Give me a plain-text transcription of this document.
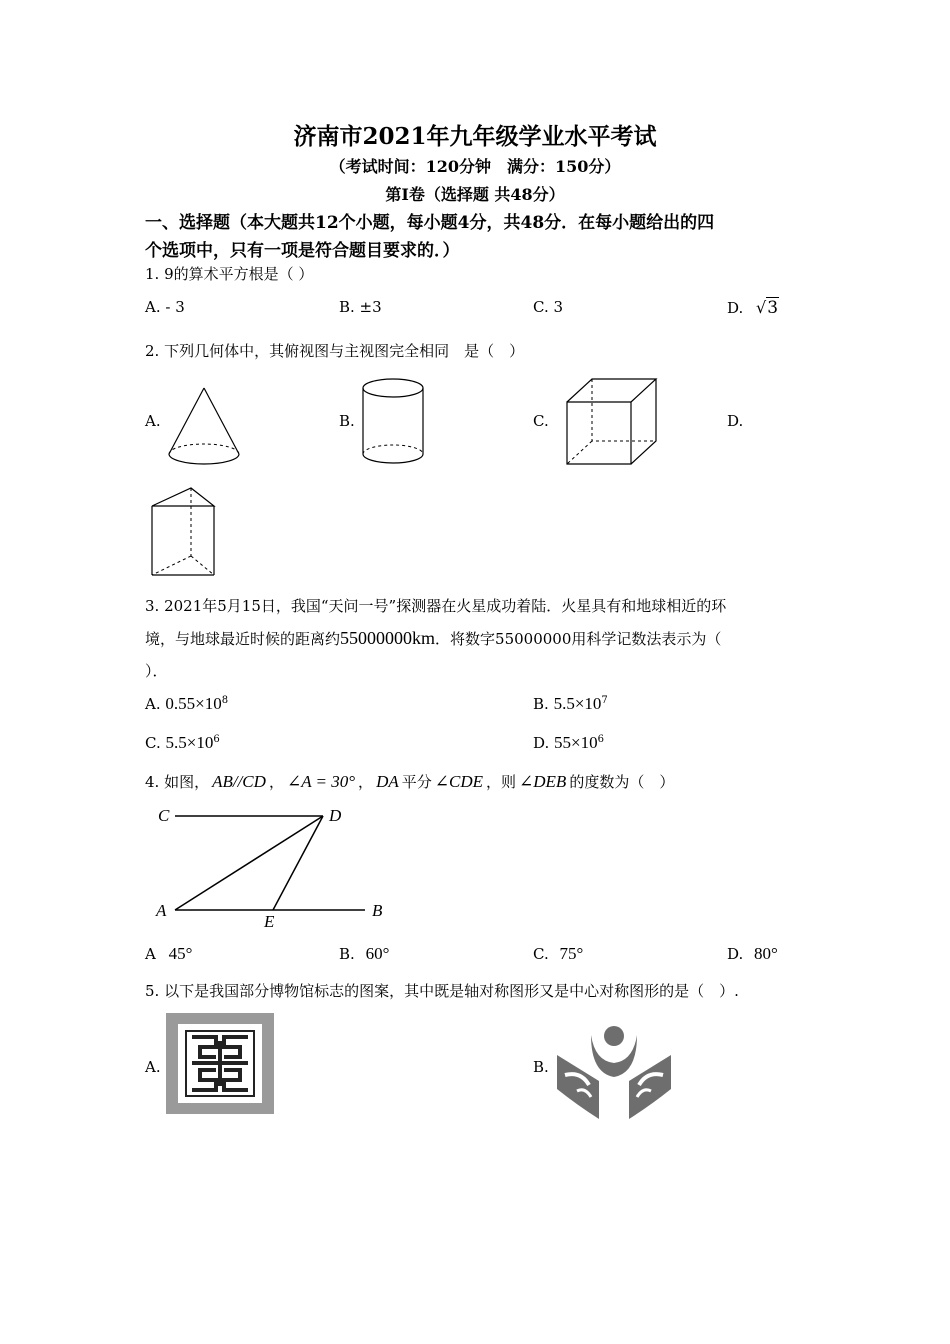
济南市2021年九年级学业水平考试
（考试时间：120分钟　满分：150分）
第Ⅰ卷（选择题 共48分）
一、选择题（本大题共12个小题，每小题4分，共48分．在每小题给出的四
个选项中，只有一项是符合题目要求的．）
1. 9的算术平方根是（ ）
A. - 3	B. ±3	C. 3	D. √3
2. 下列几何体中，其俯视图与主视图完全相同　是（　）
A.	B.	C.	D.
3. 2021年5月15日，我国“天问一号”探测器在火星成功着陆．火星具有和地球相近的环
境，与地球最近时候的距离约55000000km．将数字55000000用科学记数法表示为（
）．
A. $0.55\times 10^8$	B. $5.5\times 10^7$
C. $5.5\times 10^6$	D. $55\times 10^6$
4. 如图， AB//CD ， ∠A = 30° ， DA 平分 ∠CDE ，则 ∠DEB 的度数为（　）
C	D
A
E
B
A 45°	B. 60°	C. 75°	D. 80°
5. 以下是我国部分博物馆标志的图案，其中既是轴对称图形又是中心对称图形的是（　）.
A.	B.
